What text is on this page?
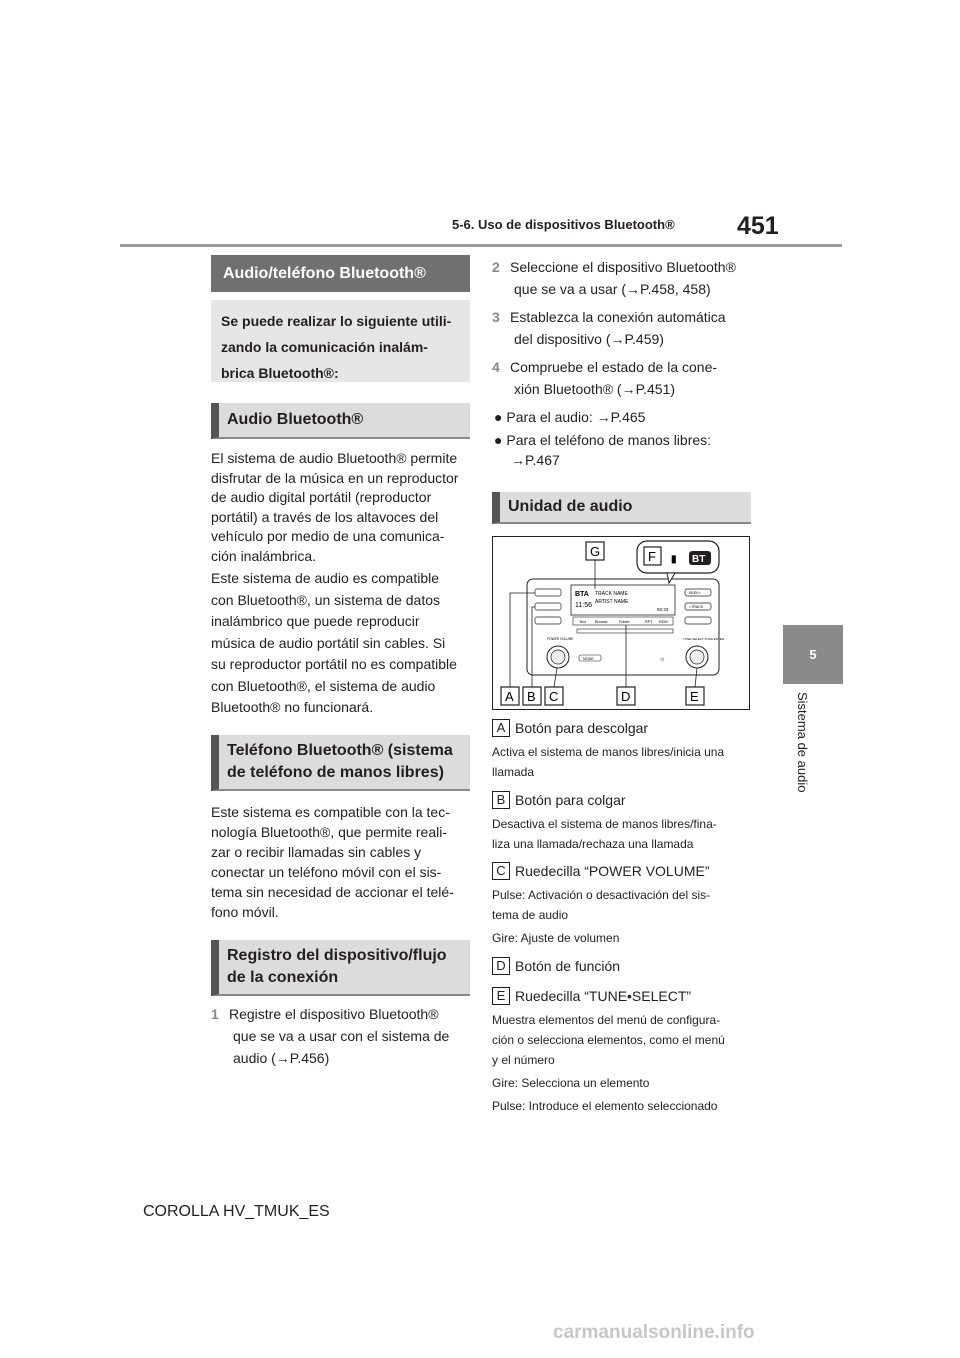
5-6. Uso de dispositivos Bluetooth® 451
5
Sistema de audio
Audio/teléfono Bluetooth®
Se puede realizar lo siguiente utili-
zando la comunicación inalám-
brica Bluetooth®:
Audio Bluetooth®
El sistema de audio Bluetooth® permite
disfrutar de la música en un reproductor
de audio digital portátil (reproductor
portátil) a través de los altavoces del
vehículo por medio de una comunica-
ción inalámbrica.
Este sistema de audio es compatible
con Bluetooth®, un sistema de datos
inalámbrico que puede reproducir
música de audio portátil sin cables. Si
su reproductor portátil no es compatible
con Bluetooth®, el sistema de audio
Bluetooth® no funcionará.
Teléfono Bluetooth® (sistema
de teléfono de manos libres)
Este sistema es compatible con la tec-
nología Bluetooth®, que permite reali-
zar o recibir llamadas sin cables y
conectar un teléfono móvil con el sis-
tema sin necesidad de accionar el telé-
fono móvil.
Registro del dispositivo/flujo
de la conexión
1 Registre el dispositivo Bluetooth®
que se va a usar con el sistema de
audio (→P.456)
2 Seleccione el dispositivo Bluetooth®
que se va a usar (→P.458, 458)
3 Establezca la conexión automática
del dispositivo (→P.459)
4 Compruebe el estado de la cone-
xión Bluetooth® (→P.451)
● Para el audio: →P.465
● Para el teléfono de manos libres:
→P.467
Unidad de audio
BTA
11:56
TRACK NAME
ARTIST NAME
50:33
Text Browse	Folder	RPT RDM
SEEK>
<TRACK
POWER VOLUME	TUNE·SELECT PUSH ENTER
MODE	☼
G	F ▮ BT
A B C	D	E
A Botón para descolgar
Activa el sistema de manos libres/inicia una
llamada
B Botón para colgar
Desactiva el sistema de manos libres/fina-
liza una llamada/rechaza una llamada
C Ruedecilla “POWER VOLUME”
Pulse: Activación o desactivación del sis-
tema de audio
Gire: Ajuste de volumen
D Botón de función
E Ruedecilla “TUNE•SELECT”
Muestra elementos del menú de configura-
ción o selecciona elementos, como el menú
y el número
Gire: Selecciona un elemento
Pulse: Introduce el elemento seleccionado
COROLLA HV_TMUK_ES
carmanualsonline.info
